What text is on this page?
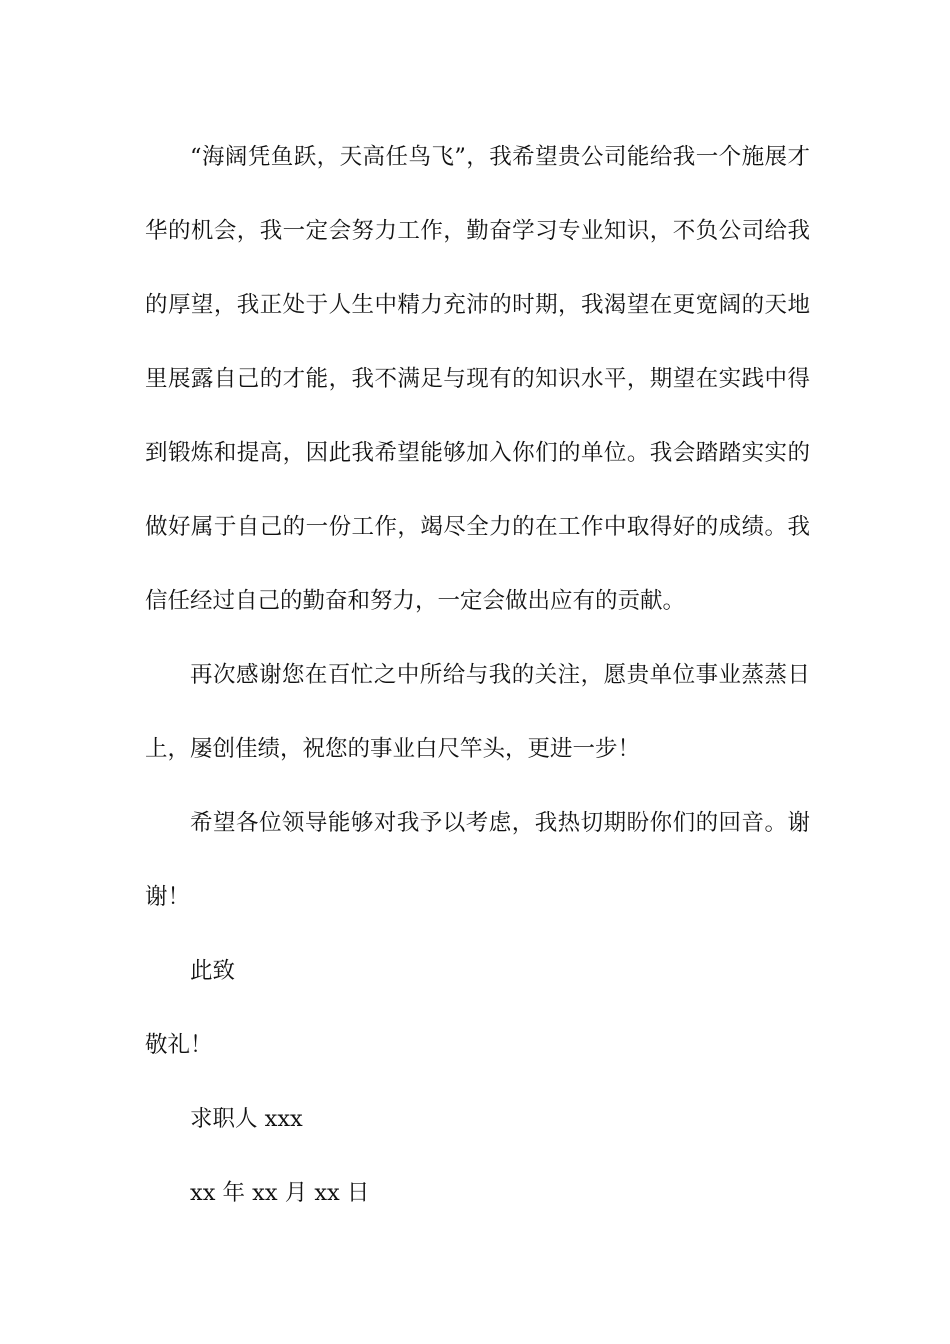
“海阔凭鱼跃，天高任鸟飞”，我希望贵公司能给我一个施展才华的机会，我一定会努力工作，勤奋学习专业知识，不负公司给我的厚望，我正处于人生中精力充沛的时期，我渴望在更宽阔的天地里展露自己的才能，我不满足与现有的知识水平，期望在实践中得到锻炼和提高，因此我希望能够加入你们的单位。我会踏踏实实的做好属于自己的一份工作，竭尽全力的在工作中取得好的成绩。我信任经过自己的勤奋和努力，一定会做出应有的贡献。

再次感谢您在百忙之中所给与我的关注，愿贵单位事业蒸蒸日上，屡创佳绩，祝您的事业白尺竿头，更进一步！

希望各位领导能够对我予以考虑，我热切期盼你们的回音。谢谢！

此致
敬礼！
求职人 xxx
xx 年 xx 月 xx 日
